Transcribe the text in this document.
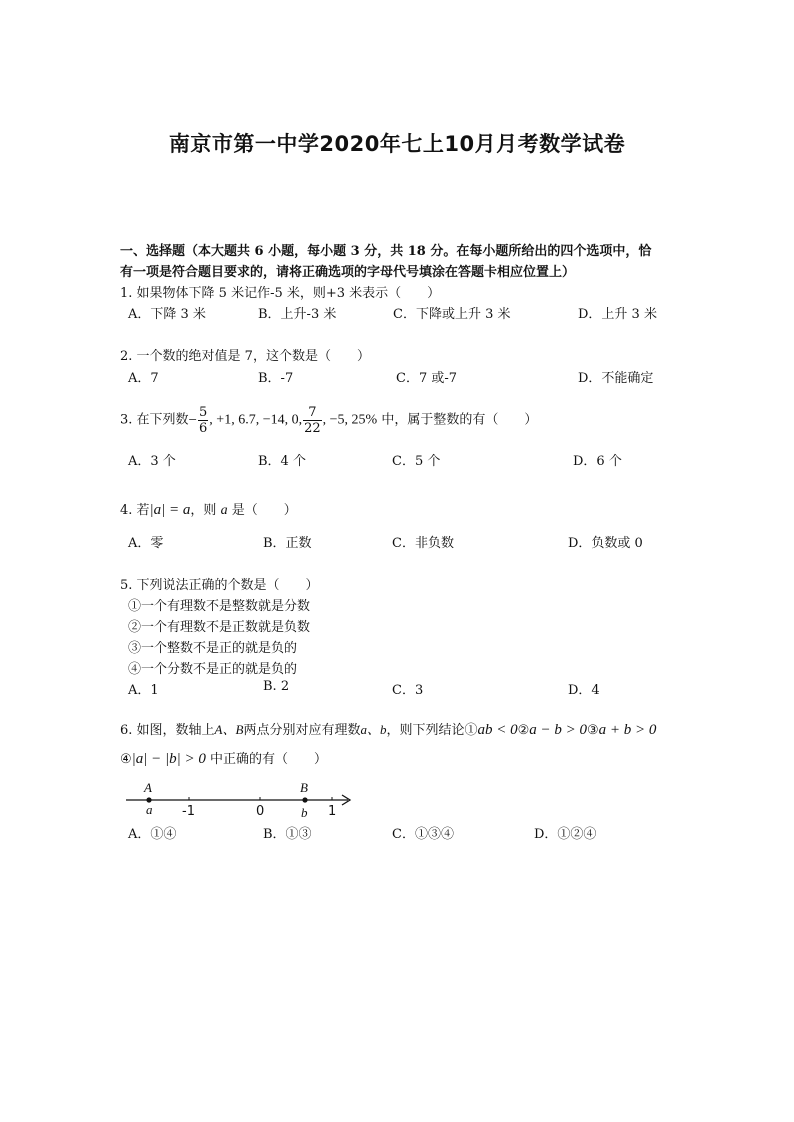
南京市第一中学2020年七上10月月考数学试卷
一、选择题（本大题共 6 小题，每小题 3 分，共 18 分。在每小题所给出的四个选项中，恰
有一项是符合题目要求的，请将正确选项的字母代号填涂在答题卡相应位置上）
1. 如果物体下降 5 米记作-5 米，则+3 米表示（　　）
A．下降 3 米	B．上升-3 米	C．下降或上升 3 米	D．上升 3 米
2. 一个数的绝对值是 7，这个数是（　　）
A．7	B．-7	C．7 或-7	D．不能确定
3. 在下列数− $\frac{5}{6}$ , +1, 6.7, −14, 0, $\frac{7}{22}$ , −5, 25% 中，属于整数的有（　　）
A．3 个	B．4 个	C．5 个	D．6 个
4. 若|a| = a，则 a 是（　　）
A．零	B．正数	C．非负数	D．负数或 0
5. 下列说法正确的个数是（　　）
①一个有理数不是整数就是分数
②一个有理数不是正数就是负数
③一个整数不是正的就是负的
④一个分数不是正的就是负的
A．1	B. 2	C．3	D．4
6. 如图，数轴上A、B两点分别对应有理数a、b，则下列结论①ab < 0②a − b > 0③a + b > 0
④|a| − |b| > 0 中正确的有（　　）
A
a
B
b
-1	0	1
A．①④	B．①③	C．①③④	D．①②④
